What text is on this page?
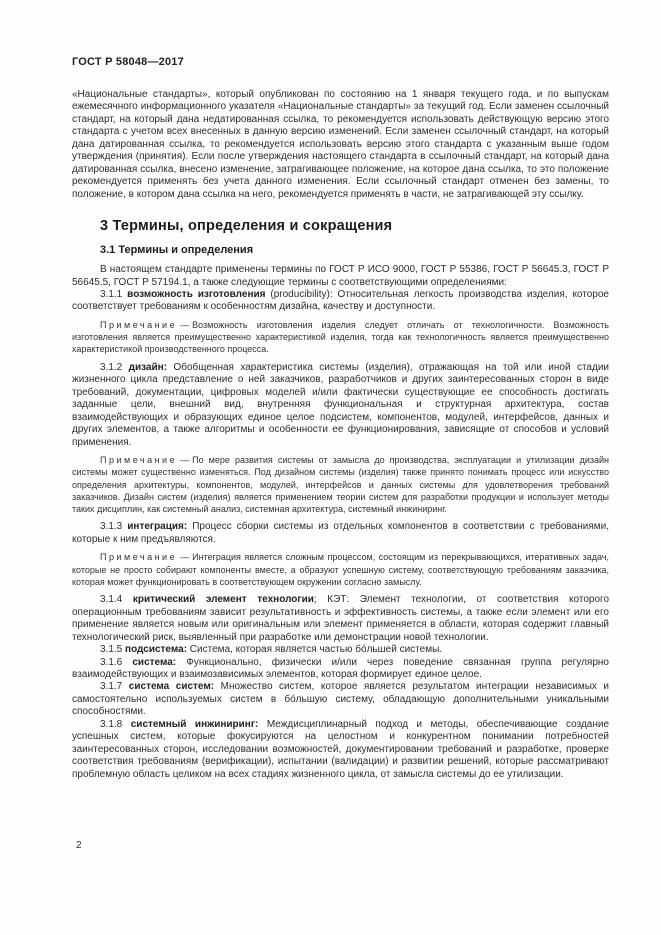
ГОСТ Р 58048—2017

«Национальные стандарты», который опубликован по состоянию на 1 января текущего года, и по выпускам ежемесячного информационного указателя «Национальные стандарты» за текущий год. Если заменен ссылочный стандарт, на который дана недатированная ссылка, то рекомендуется использовать действующую версию этого стандарта с учетом всех внесенных в данную версию изменений. Если заменен ссылочный стандарт, на который дана датированная ссылка, то рекомендуется использовать версию этого стандарта с указанным выше годом утверждения (принятия). Если после утверждения настоящего стандарта в ссылочный стандарт, на который дана датированная ссылка, внесено изменение, затрагивающее положение, на которое дана ссылка, то это положение рекомендуется применять без учета данного изменения. Если ссылочный стандарт отменен без замены, то положение, в котором дана ссылка на него, рекомендуется применять в части, не затрагивающей эту ссылку.

3 Термины, определения и сокращения
3.1 Термины и определения

В настоящем стандарте применены термины по ГОСТ Р ИСО 9000, ГОСТ Р 55386, ГОСТ Р 56645.3, ГОСТ Р 56645.5, ГОСТ Р 57194.1, а также следующие термины с соответствующими определениями:

3.1.1 возможность изготовления (producibility): Относительная легкость производства изделия, которое соответствует требованиям к особенностям дизайна, качеству и доступности.

Примечание — Возможность изготовления изделия следует отличать от технологичности. Возможность изготовления является преимущественно характеристикой изделия, тогда как технологичность является преимущественно характеристикой производственного процесса.

3.1.2 дизайн: Обобщенная характеристика системы (изделия), отражающая на той или иной стадии жизненного цикла представление о ней заказчиков, разработчиков и других заинтересованных сторон в виде требований, документации, цифровых моделей и/или фактически существующие ее способность достигать заданные цели, внешний вид, внутренняя функциональная и структурная архитектура, состав взаимодействующих и образующих единое целое подсистем, компонентов, модулей, интерфейсов, данных и других элементов, а также алгоритмы и особенности ее функционирования, зависящие от способов и условий применения.

Примечание — По мере развития системы от замысла до производства, эксплуатации и утилизации дизайн системы может существенно изменяться. Под дизайном системы (изделия) также принято понимать процесс или искусство определения архитектуры, компонентов, модулей, интерфейсов и данных системы для удовлетворения требований заказчиков. Дизайн систем (изделия) является применением теории систем для разработки продукции и использует методы таких дисциплин, как системный анализ, системная архитектура, системный инжиниринг.

3.1.3 интеграция: Процесс сборки системы из отдельных компонентов в соответствии с требованиями, которые к ним предъявляются.

Примечание — Интеграция является сложным процессом, состоящим из перекрывающихся, итеративных задач, которые не просто собирают компоненты вместе, а образуют успешную систему, соответствующую требованиям заказчика, которая может функционировать в соответствующем окружении согласно замыслу.

3.1.4 критический элемент технологии; КЭТ: Элемент технологии, от соответствия которого операционным требованиям зависит результативность и эффективность системы, а также если элемент или его применение является новым или оригинальным или элемент применяется в области, которая содержит главный технологический риск, выявленный при разработке или демонстрации новой технологии.

3.1.5 подсистема: Система, которая является частью бо́льшей системы.

3.1.6 система: Функционально, физически и/или через поведение связанная группа регулярно взаимодействующих и взаимозависимых элементов, которая формирует единое целое.

3.1.7 система систем: Множество систем, которое является результатом интеграции независимых и самостоятельно используемых систем в бо́льшую систему, обладающую дополнительными уникальными способностями.

3.1.8 системный инжиниринг: Междисциплинарный подход и методы, обеспечивающие создание успешных систем, которые фокусируются на целостном и конкурентном понимании потребностей заинтересованных сторон, исследовании возможностей, документировании требований и разработке, проверке соответствия требованиям (верификации), испытании (валидации) и развитии решений, которые рассматривают проблемную область целиком на всех стадиях жизненного цикла, от замысла системы до ее утилизации.

2
